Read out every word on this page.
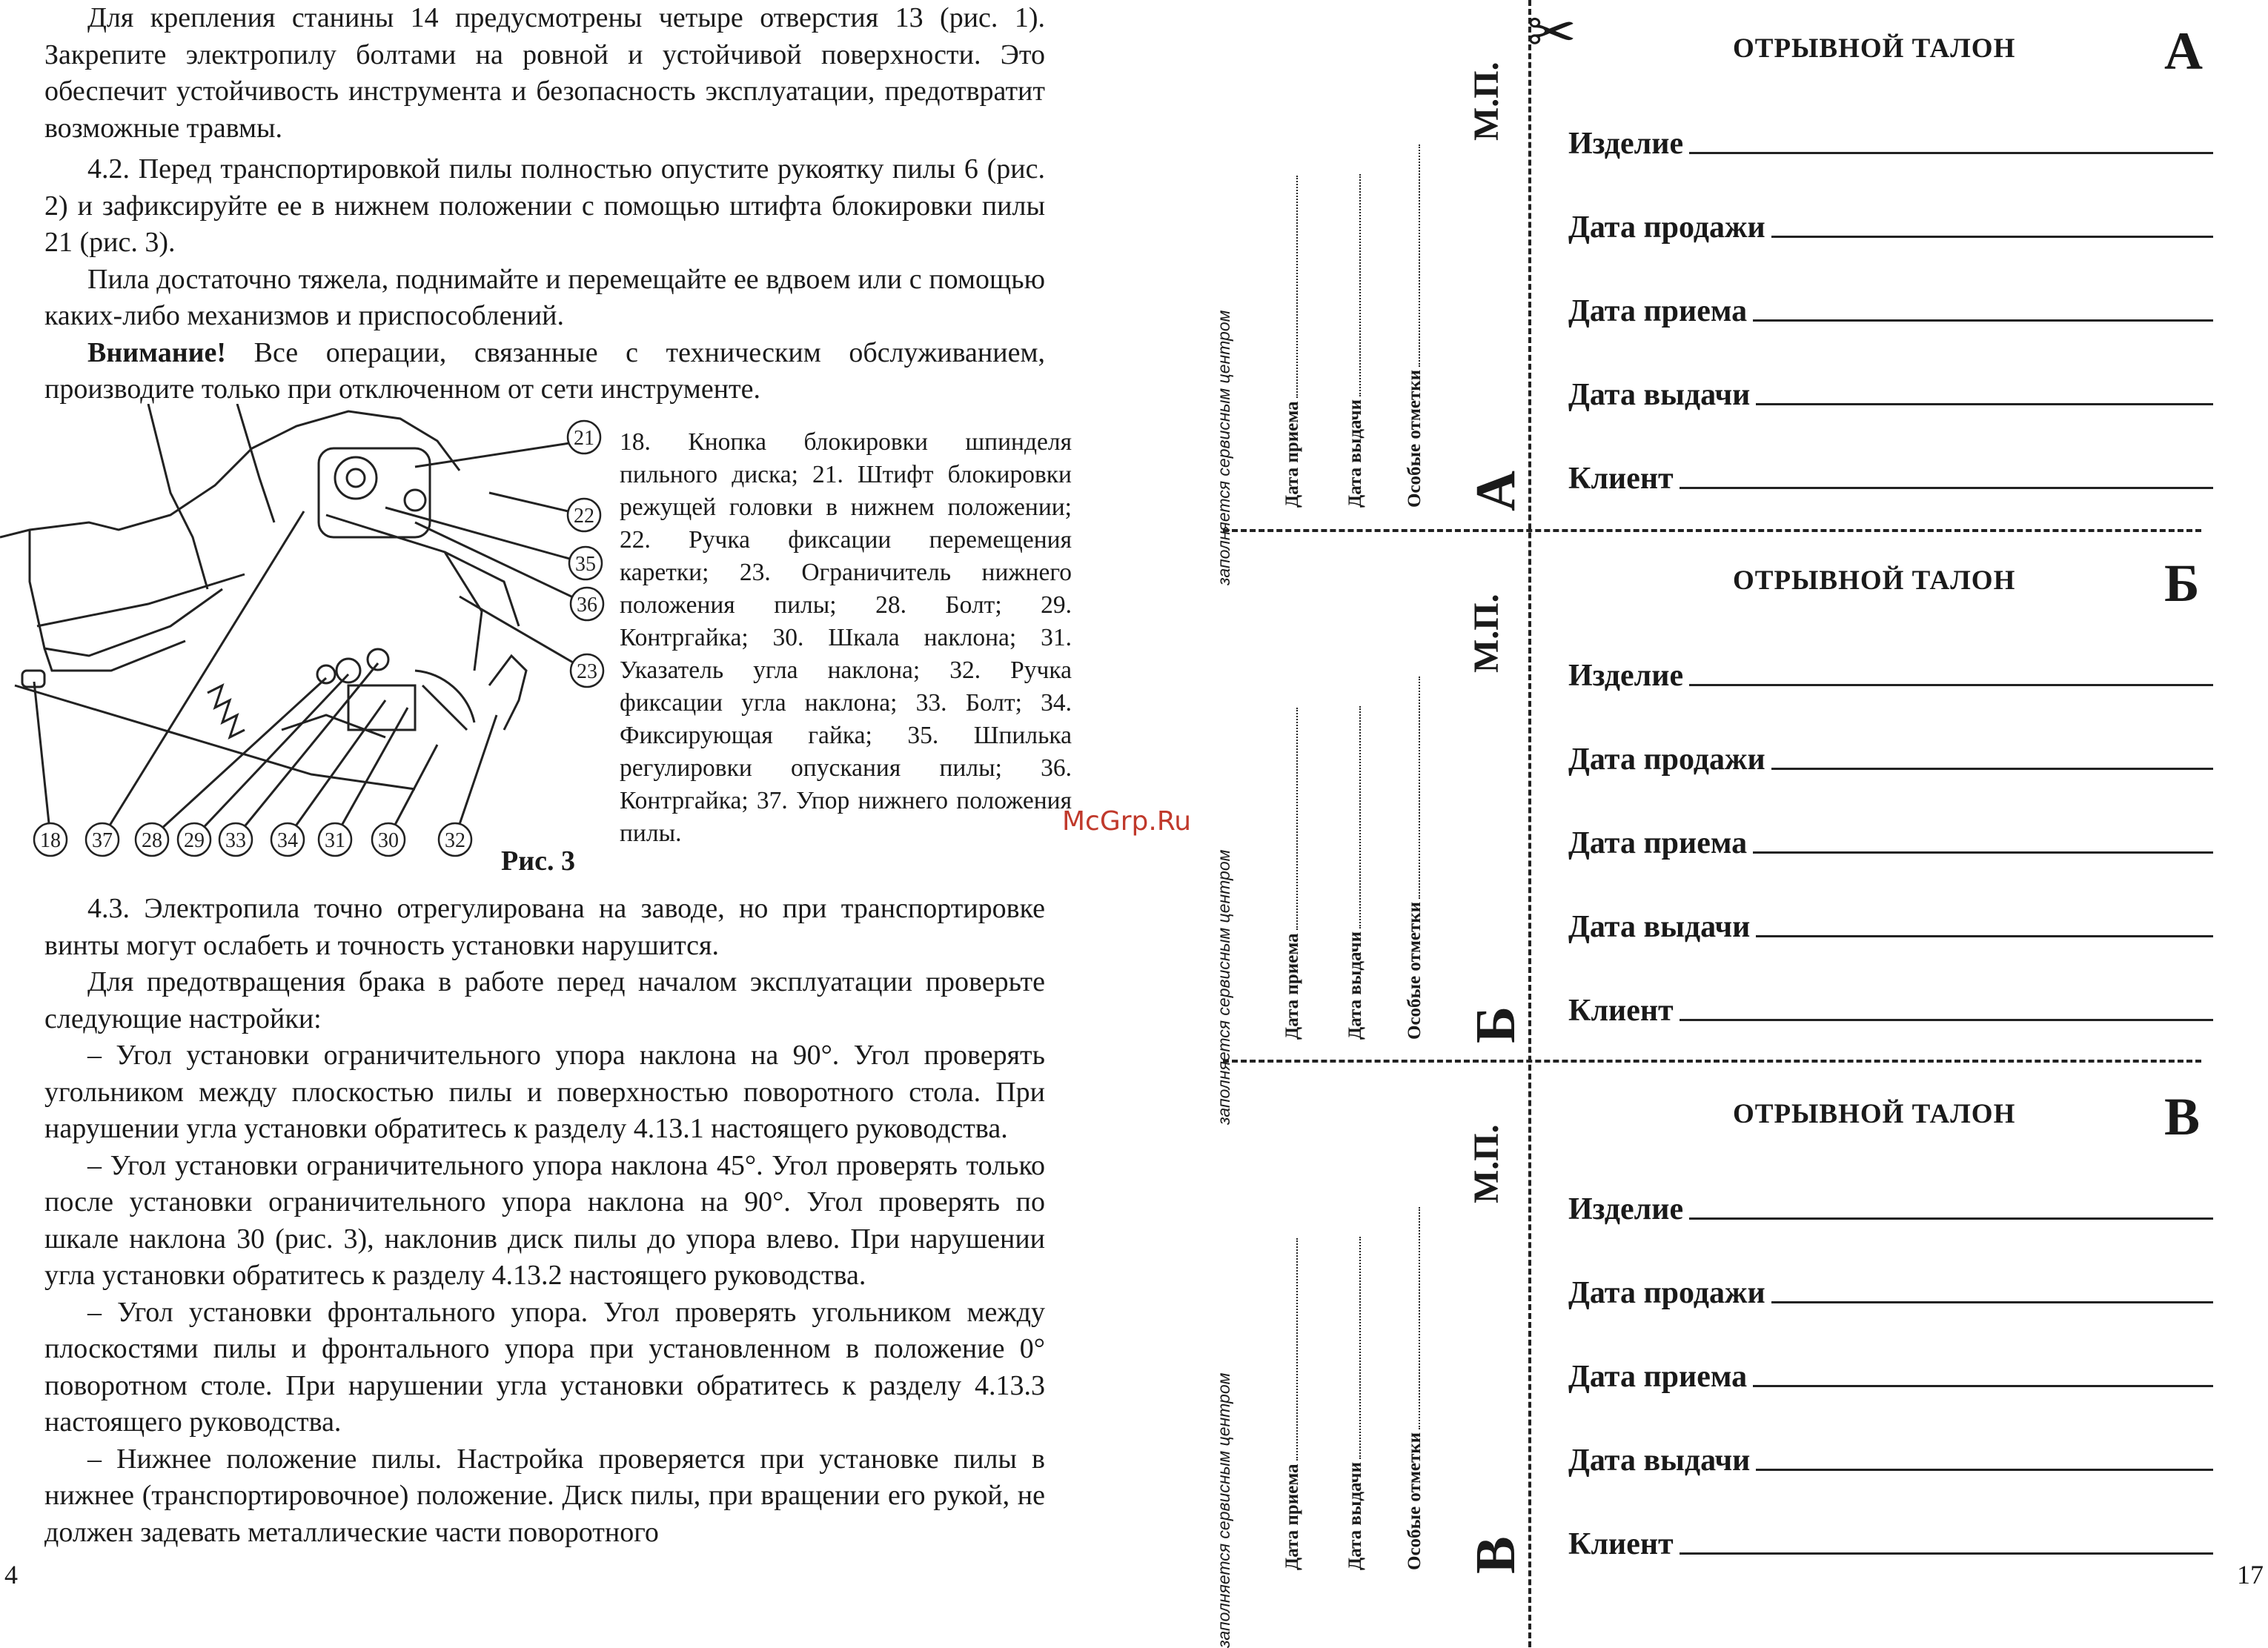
Для крепления станины 14 предусмотрены четыре отверстия 13 (рис. 1). Закрепите электропилу болтами на ровной и устойчивой поверхности. Это обеспечит устойчивость инструмента и безопасность эксплуатации, предотвратит возможные травмы.

4.2. Перед транспортировкой пилы полностью опустите рукоятку пилы 6 (рис. 2) и зафиксируйте ее в нижнем положении с помощью штифта блокировки пилы 21 (рис. 3).

Пила достаточно тяжела, поднимайте и перемещайте ее вдвоем или с помощью каких-либо механизмов и приспособлений.

Внимание! Все операции, связанные с техническим обслуживанием, производите только при отключенном от сети инструменте.

21
22
35
36
23
18 37 28 29 33 34 31 30 32
18. Кнопка блокировки шпинделя пильного диска; 21. Штифт блокировки режущей головки в нижнем положении; 22. Ручка фиксации перемещения каретки; 23. Ограничитель нижнего положения пилы; 28. Болт; 29. Контргайка; 30. Шкала наклона; 31. Указатель угла наклона; 32. Ручка фиксации угла наклона; 33. Болт; 34. Фиксирующая гайка; 35. Шпилька регулировки опускания пилы; 36. Контргайка; 37. Упор нижнего положения пилы.
Рис. 3

4.3. Электропила точно отрегулирована на заводе, но при транспортировке винты могут ослабеть и точность установки нарушится.

Для предотвращения брака в работе перед началом эксплуатации проверьте следующие настройки:

– Угол установки ограничительного упора наклона на 90°. Угол проверять угольником между плоскостью пилы и поверхностью поворотного стола. При нарушении угла установки обратитесь к разделу 4.13.1 настоящего руководства.

– Угол установки ограничительного упора наклона 45°. Угол проверять только после установки ограничительного упора наклона на 90°. Угол проверять по шкале наклона 30 (рис. 3), наклонив диск пилы до упора влево. При нарушении угла установки обратитесь к разделу 4.13.2 настоящего руководства.

– Угол установки фронтального упора. Угол проверять угольником между плоскостями пилы и фронтального упора при установленном в положение 0° поворотном столе. При нарушении угла установки обратитесь к разделу 4.13.3 настоящего руководства.

– Нижнее положение пилы. Настройка проверяется при установке пилы в нижнее (транспортировочное) положение. Диск пилы, при вращении его рукой, не должен задевать металлические части поворотного

4
McGrp.Ru
✂
заполняется сервисным центром	Дата приема Дата выдачи Особые отметки
М.П.
А
заполняется сервисным центром	Дата приема Дата выдачи Особые отметки
М.П.
Б
заполняется сервисным центром	Дата приема Дата выдачи Особые отметки
М.П.
В
ОТРЫВНОЙ ТАЛОН	А
Изделие
Дата продажи
Дата приема
Дата выдачи
Клиент
ОТРЫВНОЙ ТАЛОН	Б
Изделие
Дата продажи
Дата приема
Дата выдачи
Клиент
ОТРЫВНОЙ ТАЛОН	В
Изделие
Дата продажи
Дата приема
Дата выдачи
Клиент
17
